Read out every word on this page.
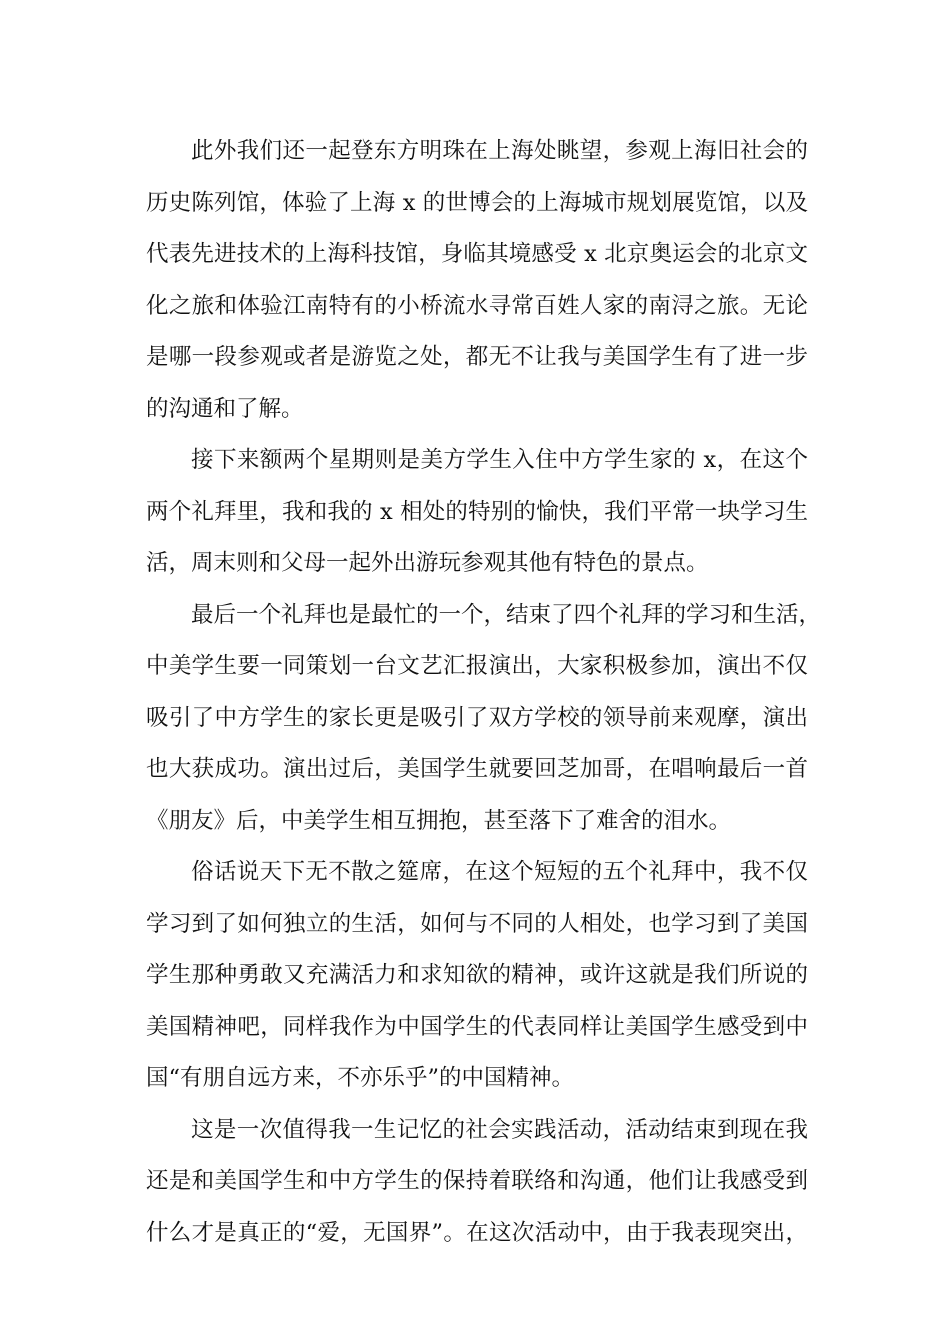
此外我们还一起登东方明珠在上海处眺望，参观上海旧社会的
历史陈列馆，体验了上海 x 的世博会的上海城市规划展览馆，以及
代表先进技术的上海科技馆，身临其境感受 x 北京奥运会的北京文
化之旅和体验江南特有的小桥流水寻常百姓人家的南浔之旅。无论
是哪一段参观或者是游览之处，都无不让我与美国学生有了进一步
的沟通和了解。
接下来额两个星期则是美方学生入住中方学生家的 x，在这个
两个礼拜里，我和我的 x 相处的特别的愉快，我们平常一块学习生
活，周末则和父母一起外出游玩参观其他有特色的景点。
最后一个礼拜也是最忙的一个，结束了四个礼拜的学习和生活，
中美学生要一同策划一台文艺汇报演出，大家积极参加，演出不仅
吸引了中方学生的家长更是吸引了双方学校的领导前来观摩，演出
也大获成功。演出过后，美国学生就要回芝加哥，在唱响最后一首
《朋友》后，中美学生相互拥抱，甚至落下了难舍的泪水。
俗话说天下无不散之筵席，在这个短短的五个礼拜中，我不仅
学习到了如何独立的生活，如何与不同的人相处，也学习到了美国
学生那种勇敢又充满活力和求知欲的精神，或许这就是我们所说的
美国精神吧，同样我作为中国学生的代表同样让美国学生感受到中
国“有朋自远方来，不亦乐乎”的中国精神。
这是一次值得我一生记忆的社会实践活动，活动结束到现在我
还是和美国学生和中方学生的保持着联络和沟通，他们让我感受到
什么才是真正的“爱，无国界”。在这次活动中，由于我表现突出，
